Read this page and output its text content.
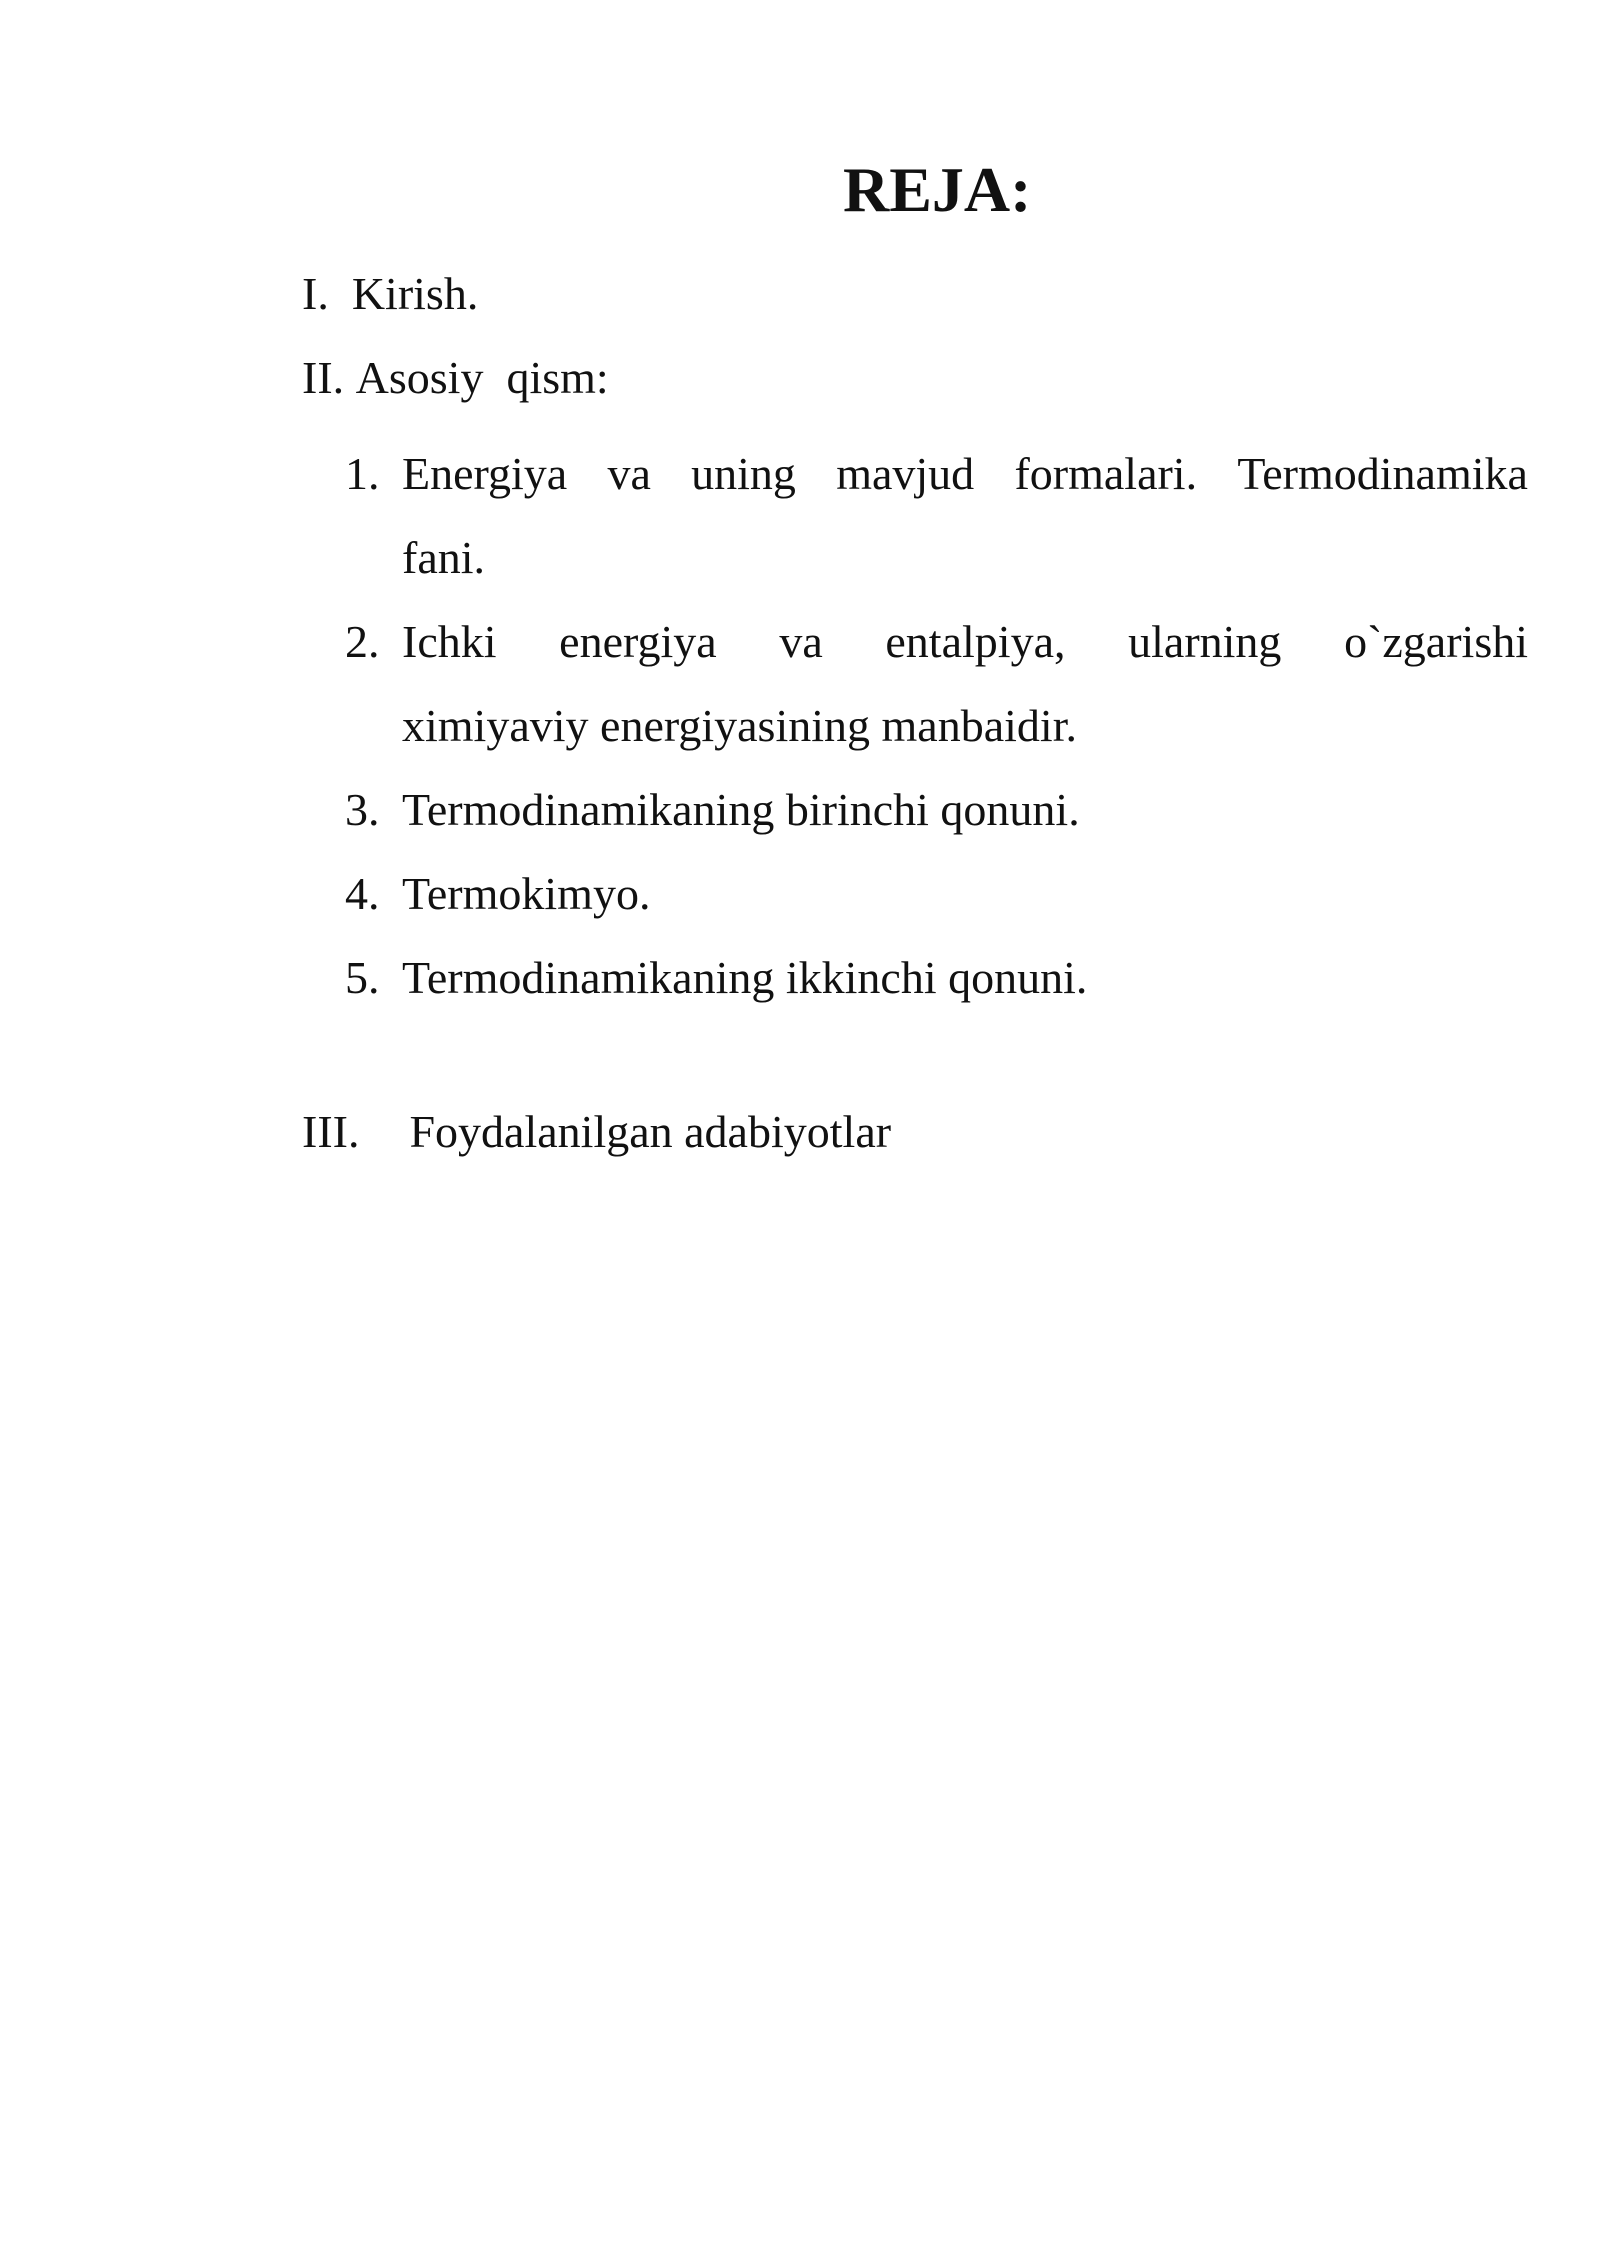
REJA:
I. Kirish.
II. Asosiy  qism:
1. Energiya va uning mavjud formalari. Termodinamika
fani.
2. Ichki energiya va entalpiya, ularning o`zgarishi
ximiyaviy energiyasining manbaidir.
3. Termodinamikaning birinchi qonuni.
4. Termokimyo.
5. Termodinamikaning ikkinchi qonuni.
III. Foydalanilgan adabiyotlar
